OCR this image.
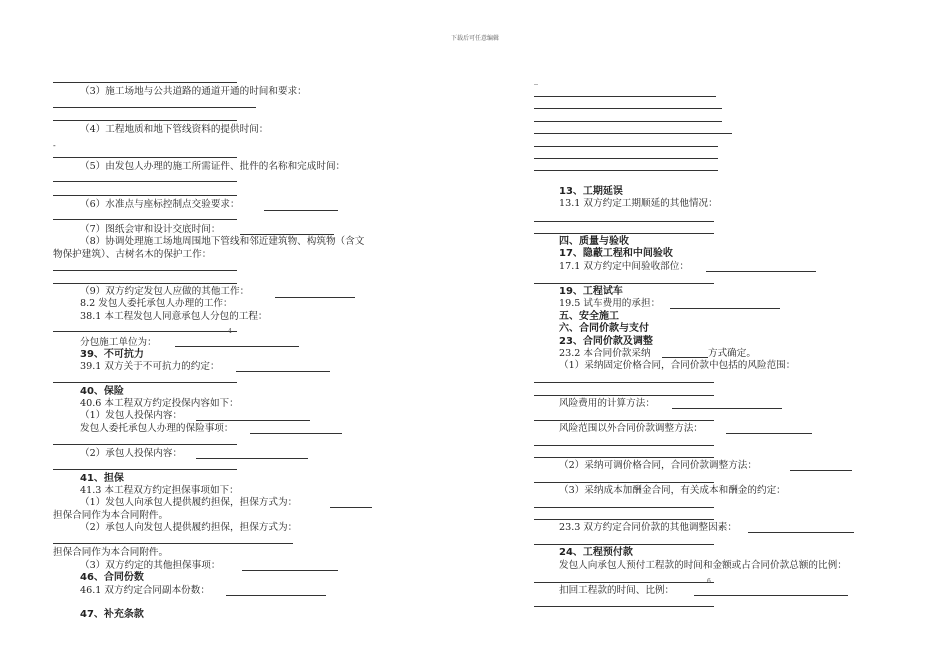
下载后可任意编辑
（3）施工场地与公共道路的通道开通的时间和要求：
（4）工程地质和地下管线资料的提供时间：
-
（5）由发包人办理的施工所需证件、批件的名称和完成时间：
（6）水准点与座标控制点交验要求：
（7）图纸会审和设计交底时间：
（8）协调处理施工场地周围地下管线和邻近建筑物、构筑物（含文
物保护建筑）、古树名木的保护工作：
（9）双方约定发包人应做的其他工作：
8.2 发包人委托承包人办理的工作：
38.1 本工程发包人同意承包人分包的工程：
4
分包施工单位为：
39、不可抗力
39.1 双方关于不可抗力的约定：
40、保险
40.6 本工程双方约定投保内容如下：
（1）发包人投保内容：
发包人委托承包人办理的保险事项：
（2）承包人投保内容：
41、担保
41.3 本工程双方约定担保事项如下：
（1）发包人向承包人提供履约担保，担保方式为：
担保合同作为本合同附件。
（2）承包人向发包人提供履约担保，担保方式为：
担保合同作为本合同附件。
（3）双方约定的其他担保事项：
46、合同份数
46.1 双方约定合同副本份数：
47、补充条款
_
13、工期延误
13.1 双方约定工期顺延的其他情况：
四、质量与验收
17、隐蔽工程和中间验收
17.1 双方约定中间验收部位：
19、工程试车
19.5 试车费用的承担：
五、安全施工
六、合同价款与支付
23、合同价款及调整
23.2 本合同价款采纳	方式确定。
（1）采纳固定价格合同，合同价款中包括的风险范围：
风险费用的计算方法：
风险范围以外合同价款调整方法：
（2）采纳可调价格合同，合同价款调整方法：
（3）采纳成本加酬金合同，有关成本和酬金的约定：
23.3 双方约定合同价款的其他调整因素：
24、工程预付款
发包人向承包人预付工程款的时间和金额或占合同价款总额的比例：
6
扣回工程款的时间、比例：
